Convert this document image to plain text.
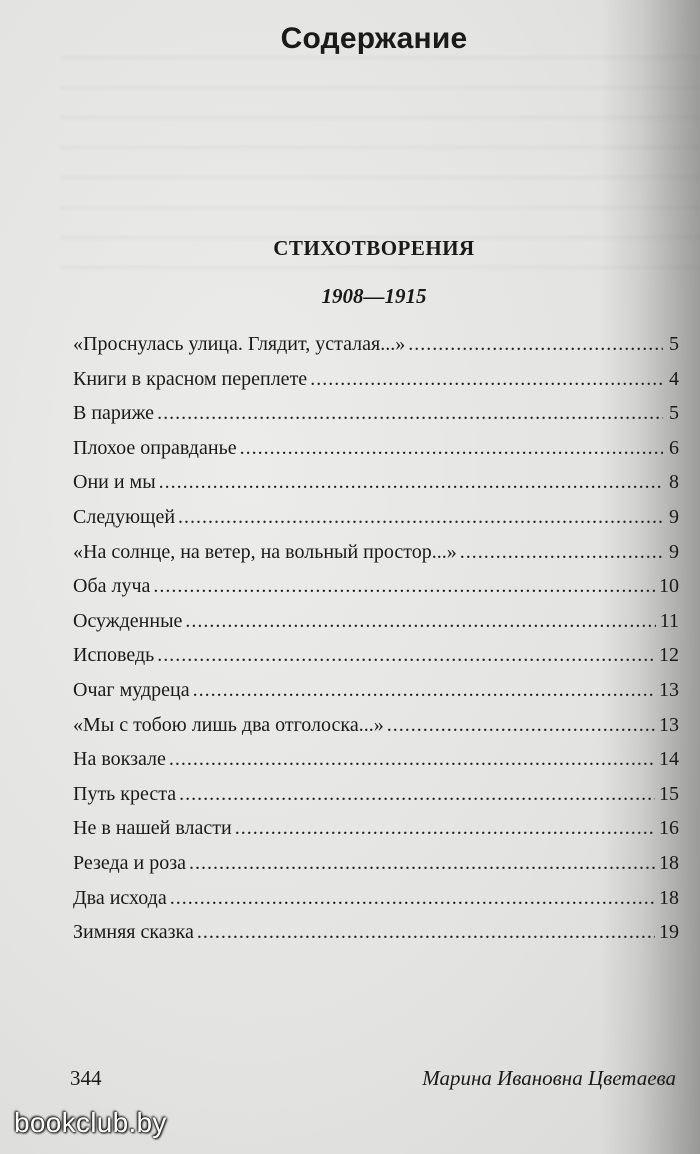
Содержание
СТИХОТВОРЕНИЯ
1908—1915
«Проснулась улица. Глядит, усталая...» .....	5
Книги в красном переплете .....	4
В париже .....	5
Плохое оправданье .....	6
Они и мы .....	8
Следующей .....	9
«На солнце, на ветер, на вольный простор...» .....	9
Оба луча .....	10
Осужденные .....	11
Исповедь .....	12
Очаг мудреца .....	13
«Мы с тобою лишь два отголоска...» .....	13
На вокзале .....	14
Путь креста .....	15
Не в нашей власти .....	16
Резеда и роза .....	18
Два исхода .....	18
Зимняя сказка .....	19
344	Марина Ивановна Цветаева
bookclub.by
